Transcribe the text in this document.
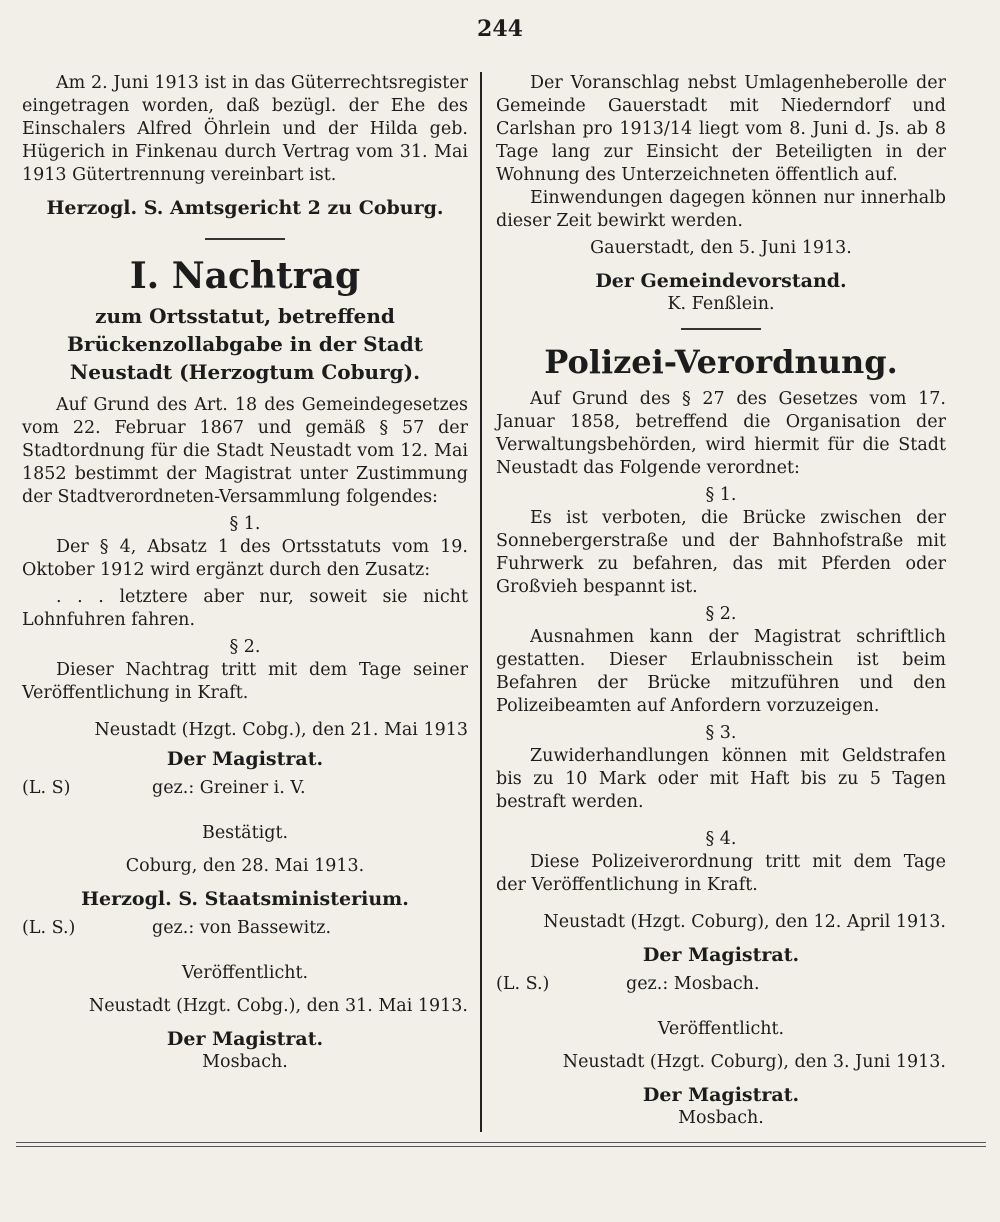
244

Am 2. Juni 1913 ist in das Güterrechtsregister eingetragen worden, daß bezügl. der Ehe des Einschalers Alfred Öhrlein und der Hilda geb. Hügerich in Finkenau durch Vertrag vom 31. Mai 1913 Gütertrennung vereinbart ist.

Herzogl. S. Amtsgericht 2 zu Coburg.

I. Nachtrag

zum Ortsstatut, betreffend Brückenzollabgabe in der Stadt Neustadt (Herzogtum Coburg).

Auf Grund des Art. 18 des Gemeindegesetzes vom 22. Februar 1867 und gemäß § 57 der Stadtordnung für die Stadt Neustadt vom 12. Mai 1852 bestimmt der Magistrat unter Zustimmung der Stadtverordneten-Versammlung folgendes:

§ 1.

Der § 4, Absatz 1 des Ortsstatuts vom 19. Oktober 1912 wird ergänzt durch den Zusatz:

. . . letztere aber nur, soweit sie nicht Lohnfuhren fahren.

§ 2.

Dieser Nachtrag tritt mit dem Tage seiner Veröffentlichung in Kraft.

Neustadt (Hzgt. Cobg.), den 21. Mai 1913

Der Magistrat.

(L. S)	gez.: Greiner i. V.

Bestätigt.

Coburg, den 28. Mai 1913.

Herzogl. S. Staatsministerium.

(L. S.)	gez.: von Bassewitz.

Veröffentlicht.

Neustadt (Hzgt. Cobg.), den 31. Mai 1913.

Der Magistrat.

Mosbach.

Der Voranschlag nebst Umlagenheberolle der Gemeinde Gauerstadt mit Niederndorf und Carlshan pro 1913/14 liegt vom 8. Juni d. Js. ab 8 Tage lang zur Einsicht der Beteiligten in der Wohnung des Unterzeichneten öffentlich auf.

Einwendungen dagegen können nur innerhalb dieser Zeit bewirkt werden.

Gauerstadt, den 5. Juni 1913.

Der Gemeindevorstand.

K. Fenßlein.

Polizei-Verordnung.

Auf Grund des § 27 des Gesetzes vom 17. Januar 1858, betreffend die Organisation der Verwaltungsbehörden, wird hiermit für die Stadt Neustadt das Folgende verordnet:

§ 1.

Es ist verboten, die Brücke zwischen der Sonnebergerstraße und der Bahnhofstraße mit Fuhrwerk zu befahren, das mit Pferden oder Großvieh bespannt ist.

§ 2.

Ausnahmen kann der Magistrat schriftlich gestatten. Dieser Erlaubnisschein ist beim Befahren der Brücke mitzuführen und den Polizeibeamten auf Anfordern vorzuzeigen.

§ 3.

Zuwiderhandlungen können mit Geldstrafen bis zu 10 Mark oder mit Haft bis zu 5 Tagen bestraft werden.

§ 4.

Diese Polizeiverordnung tritt mit dem Tage der Veröffentlichung in Kraft.

Neustadt (Hzgt. Coburg), den 12. April 1913.

Der Magistrat.

(L. S.)	gez.: Mosbach.

Veröffentlicht.

Neustadt (Hzgt. Coburg), den 3. Juni 1913.

Der Magistrat.

Mosbach.
